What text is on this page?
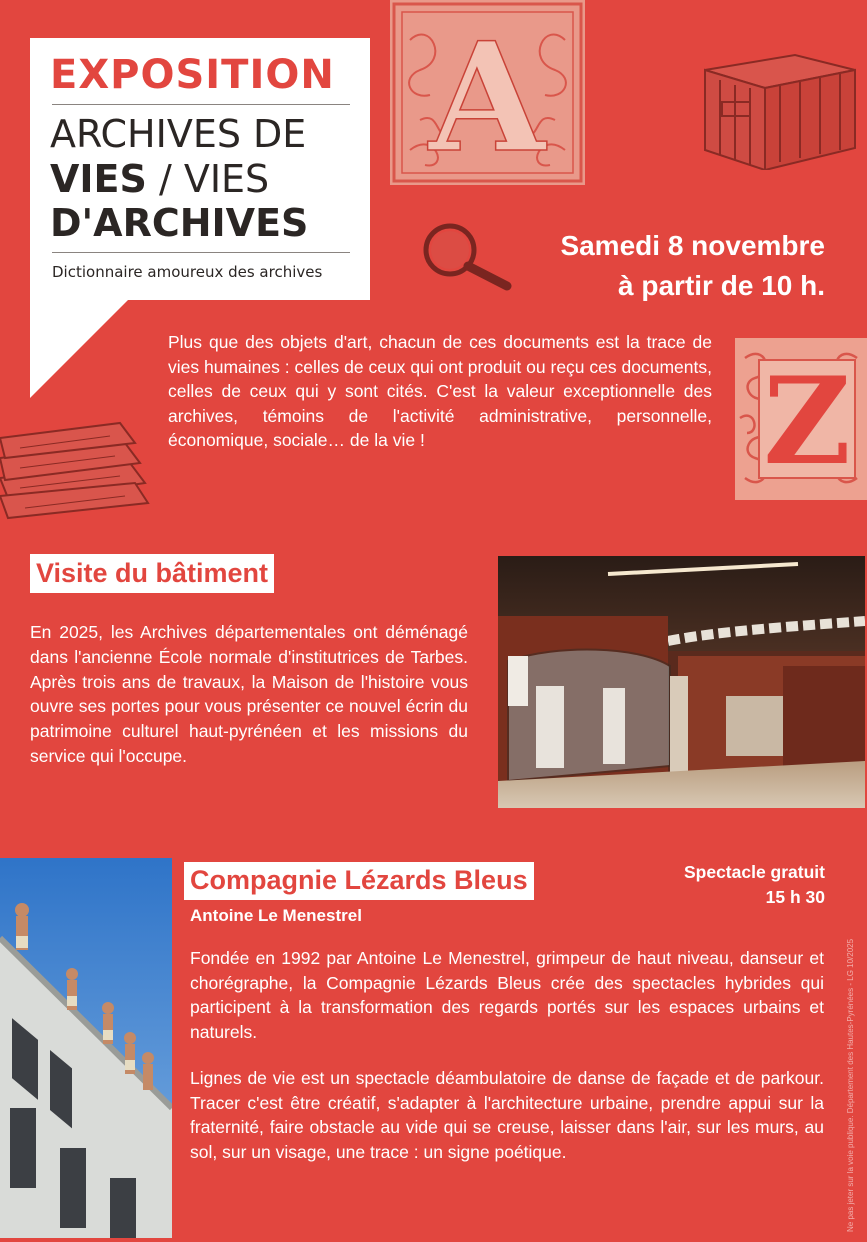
A
Z
EXPOSITION
ARCHIVES DE
VIES / VIES
D'ARCHIVES
Dictionnaire amoureux des archives
Samedi 8 novembre
à partir de 10 h.
Plus que des objets d'art, chacun de ces documents est la trace de vies humaines : celles de ceux qui ont produit ou reçu ces documents, celles de ceux qui y sont cités. C'est la valeur exceptionnelle des archives, témoins de l'activité administrative, personnelle, économique, sociale… de la vie !
Visite du bâtiment
En 2025, les Archives départementales ont déménagé dans l'ancienne École normale d'institutrices de Tarbes. Après trois ans de travaux, la Maison de l'histoire vous ouvre ses portes pour vous présenter ce nouvel écrin du patrimoine culturel haut-pyrénéen et les missions du service qui l'occupe.
Compagnie Lézards Bleus
Antoine Le Menestrel
Spectacle gratuit
15 h 30
Fondée en 1992 par Antoine Le Menestrel, grimpeur de haut niveau, danseur et chorégraphe, la Compagnie Lézards Bleus crée des spectacles hybrides qui participent à la transformation des regards portés sur les espaces urbains et naturels.
Lignes de vie est un spectacle déambulatoire de danse de façade et de parkour. Tracer c'est être créatif, s'adapter à l'architecture urbaine, prendre appui sur la fraternité, faire obstacle au vide qui se creuse, laisser dans l'air, sur les murs, au sol, sur un visage, une trace : un signe poétique.	Ne pas jeter sur la voie publique. Département des Hautes-Pyrénées - LG 10/2025
